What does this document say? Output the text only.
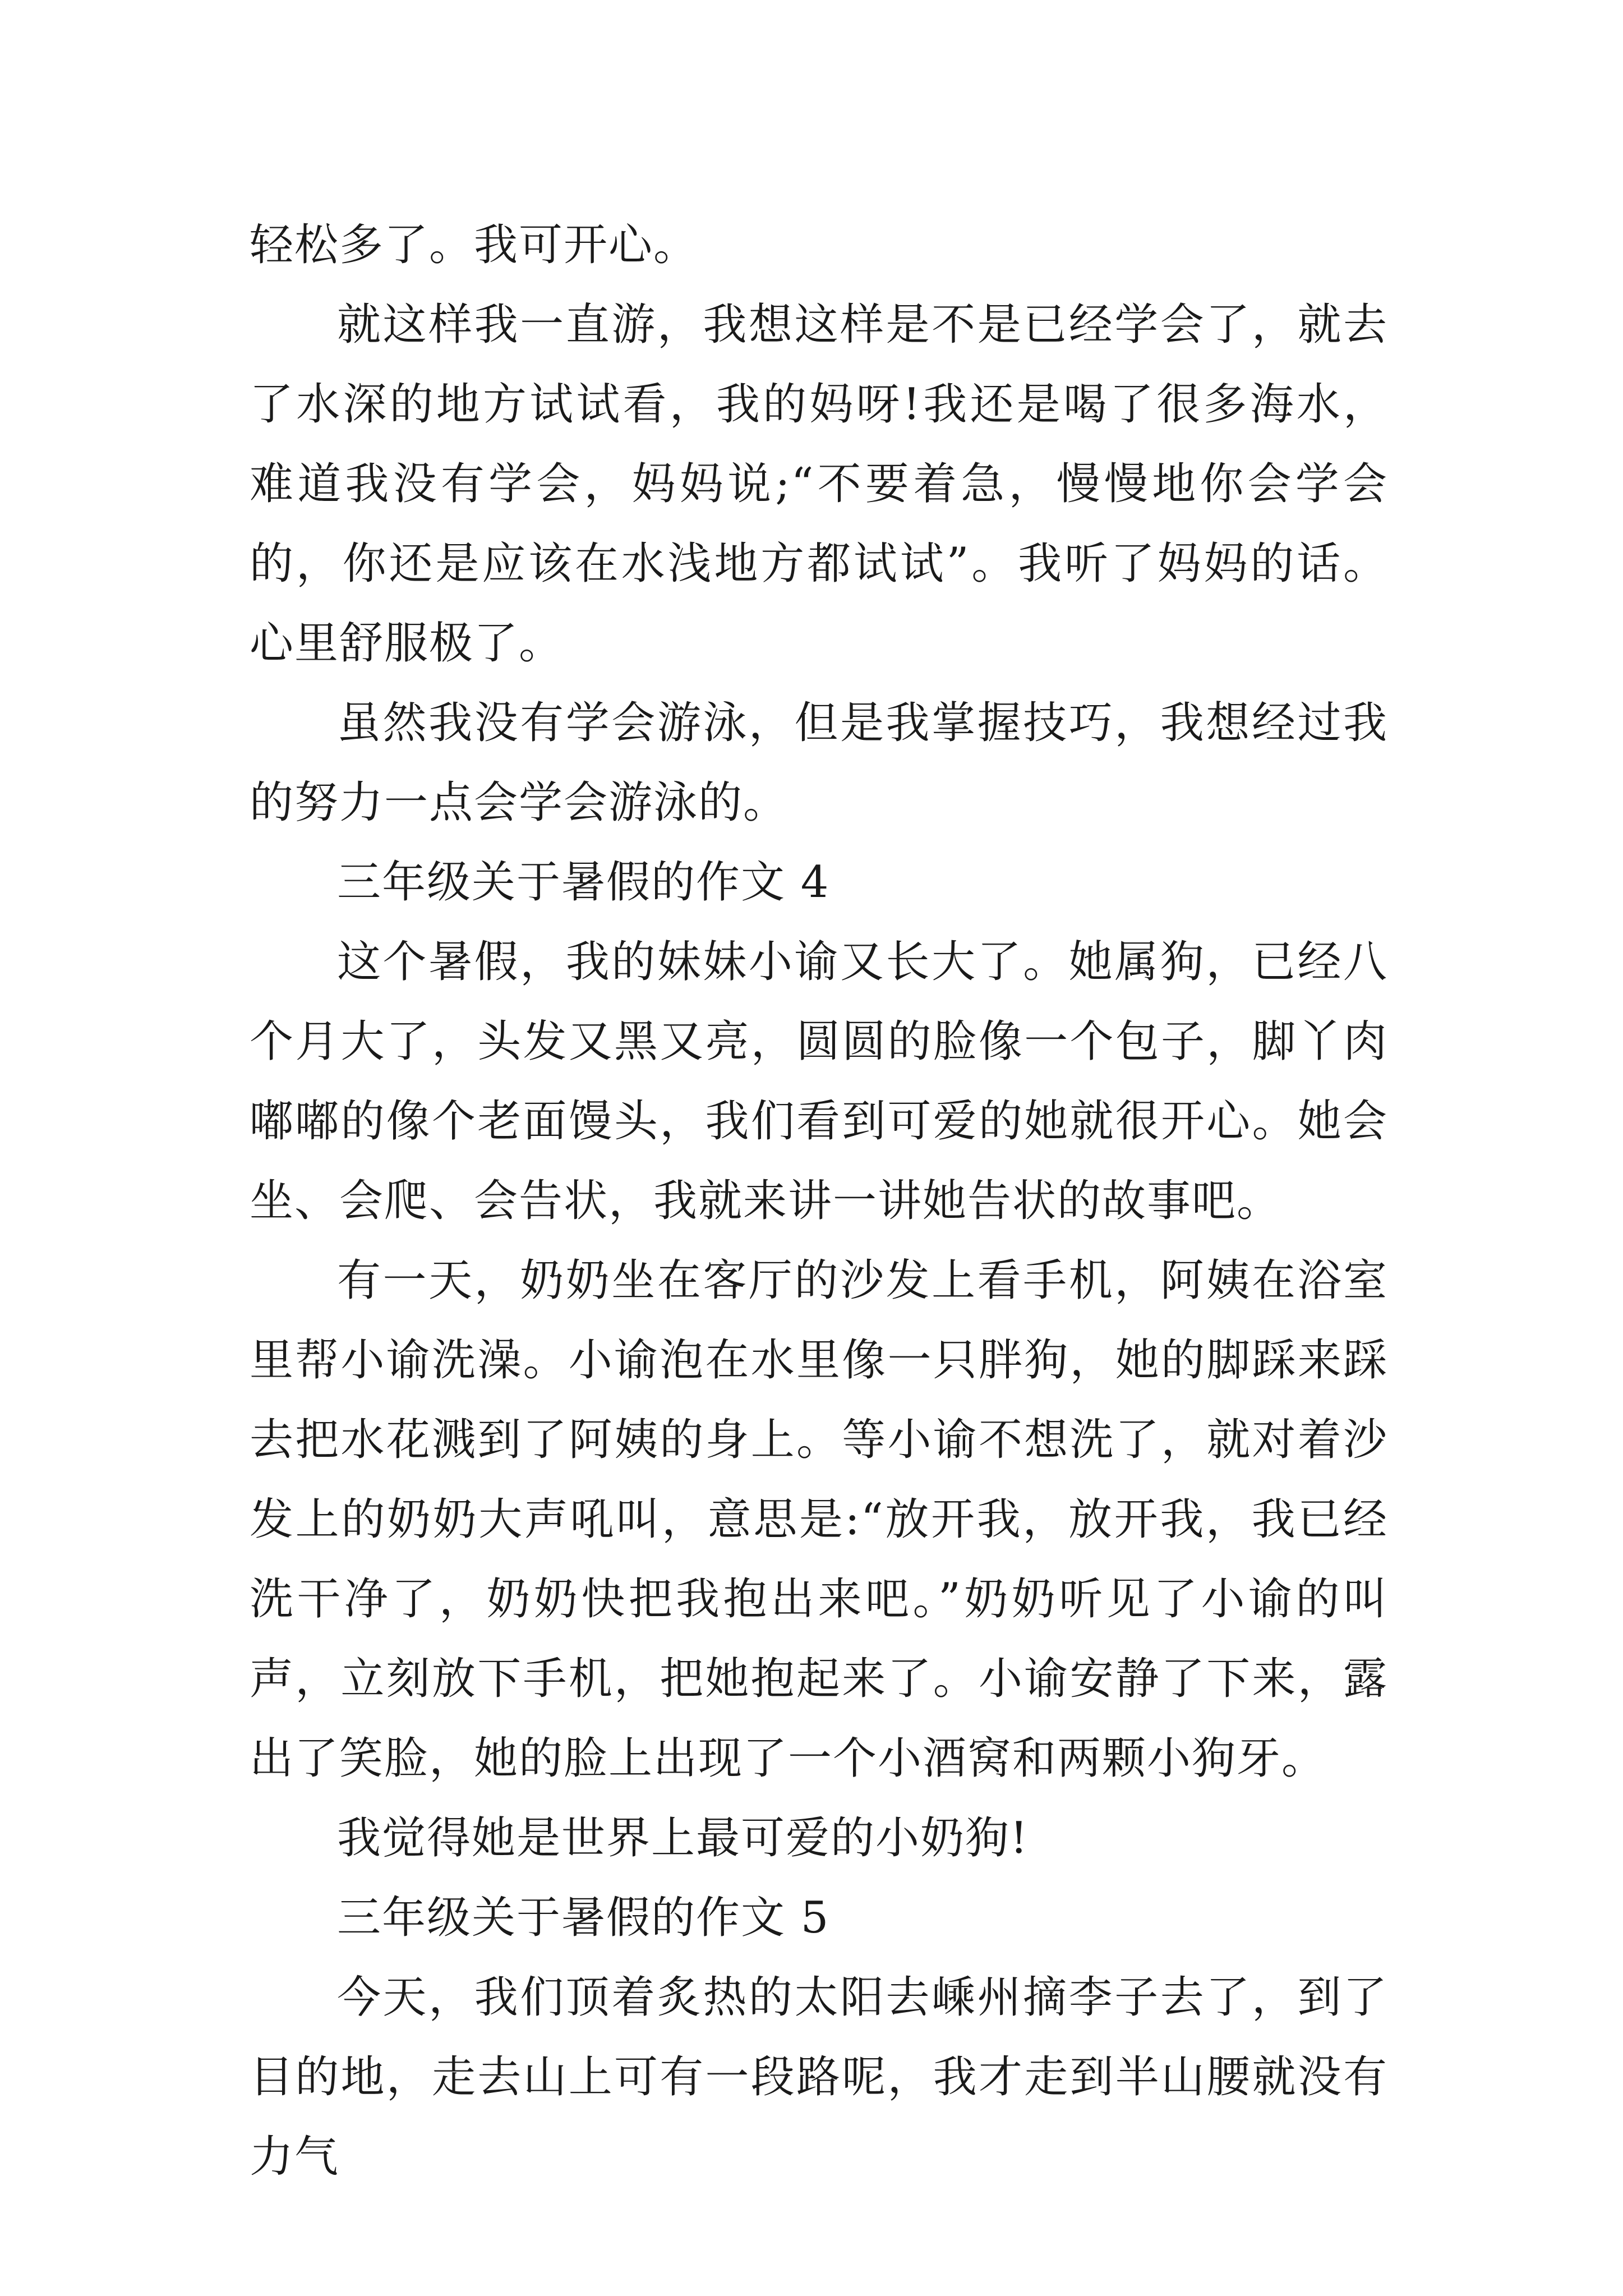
轻松多了。我可开心。

就这样我一直游，我想这样是不是已经学会了，就去了水深的地方试试看，我的妈呀!我还是喝了很多海水，难道我没有学会，妈妈说;“不要着急，慢慢地你会学会的，你还是应该在水浅地方都试试”。我听了妈妈的话。心里舒服极了。

虽然我没有学会游泳，但是我掌握技巧，我想经过我的努力一点会学会游泳的。

三年级关于暑假的作文 4

这个暑假，我的妹妹小谕又长大了。她属狗，已经八个月大了，头发又黑又亮，圆圆的脸像一个包子，脚丫肉嘟嘟的像个老面馒头，我们看到可爱的她就很开心。她会坐、会爬、会告状，我就来讲一讲她告状的故事吧。

有一天，奶奶坐在客厅的沙发上看手机，阿姨在浴室里帮小谕洗澡。小谕泡在水里像一只胖狗，她的脚踩来踩去把水花溅到了阿姨的身上。等小谕不想洗了，就对着沙发上的奶奶大声吼叫，意思是:“放开我，放开我，我已经洗干净了，奶奶快把我抱出来吧。”奶奶听见了小谕的叫声，立刻放下手机，把她抱起来了。小谕安静了下来，露出了笑脸，她的脸上出现了一个小酒窝和两颗小狗牙。

我觉得她是世界上最可爱的小奶狗!

三年级关于暑假的作文 5

今天，我们顶着炙热的太阳去嵊州摘李子去了，到了目的地，走去山上可有一段路呢，我才走到半山腰就没有力气
